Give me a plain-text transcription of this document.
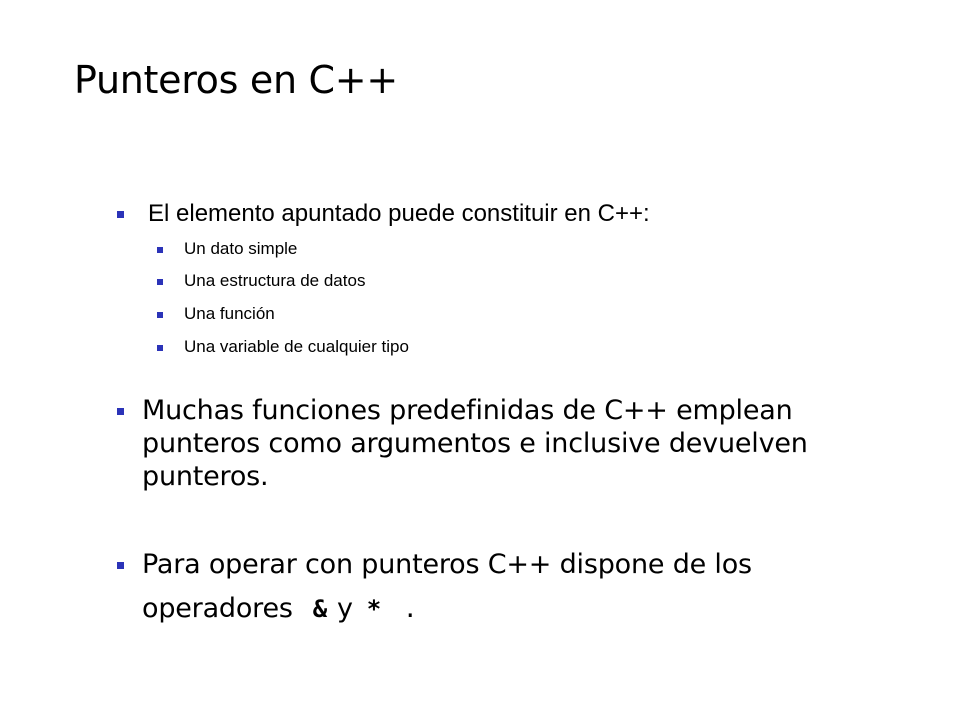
Punteros en C++
El elemento apuntado puede constituir en C++:
Un dato simple
Una estructura de datos
Una función
Una variable de cualquier tipo
Muchas funciones predefinidas de C++ emplean
punteros como argumentos e inclusive devuelven
punteros.
Para operar con punteros C++ dispone de los
operadores & y * .
